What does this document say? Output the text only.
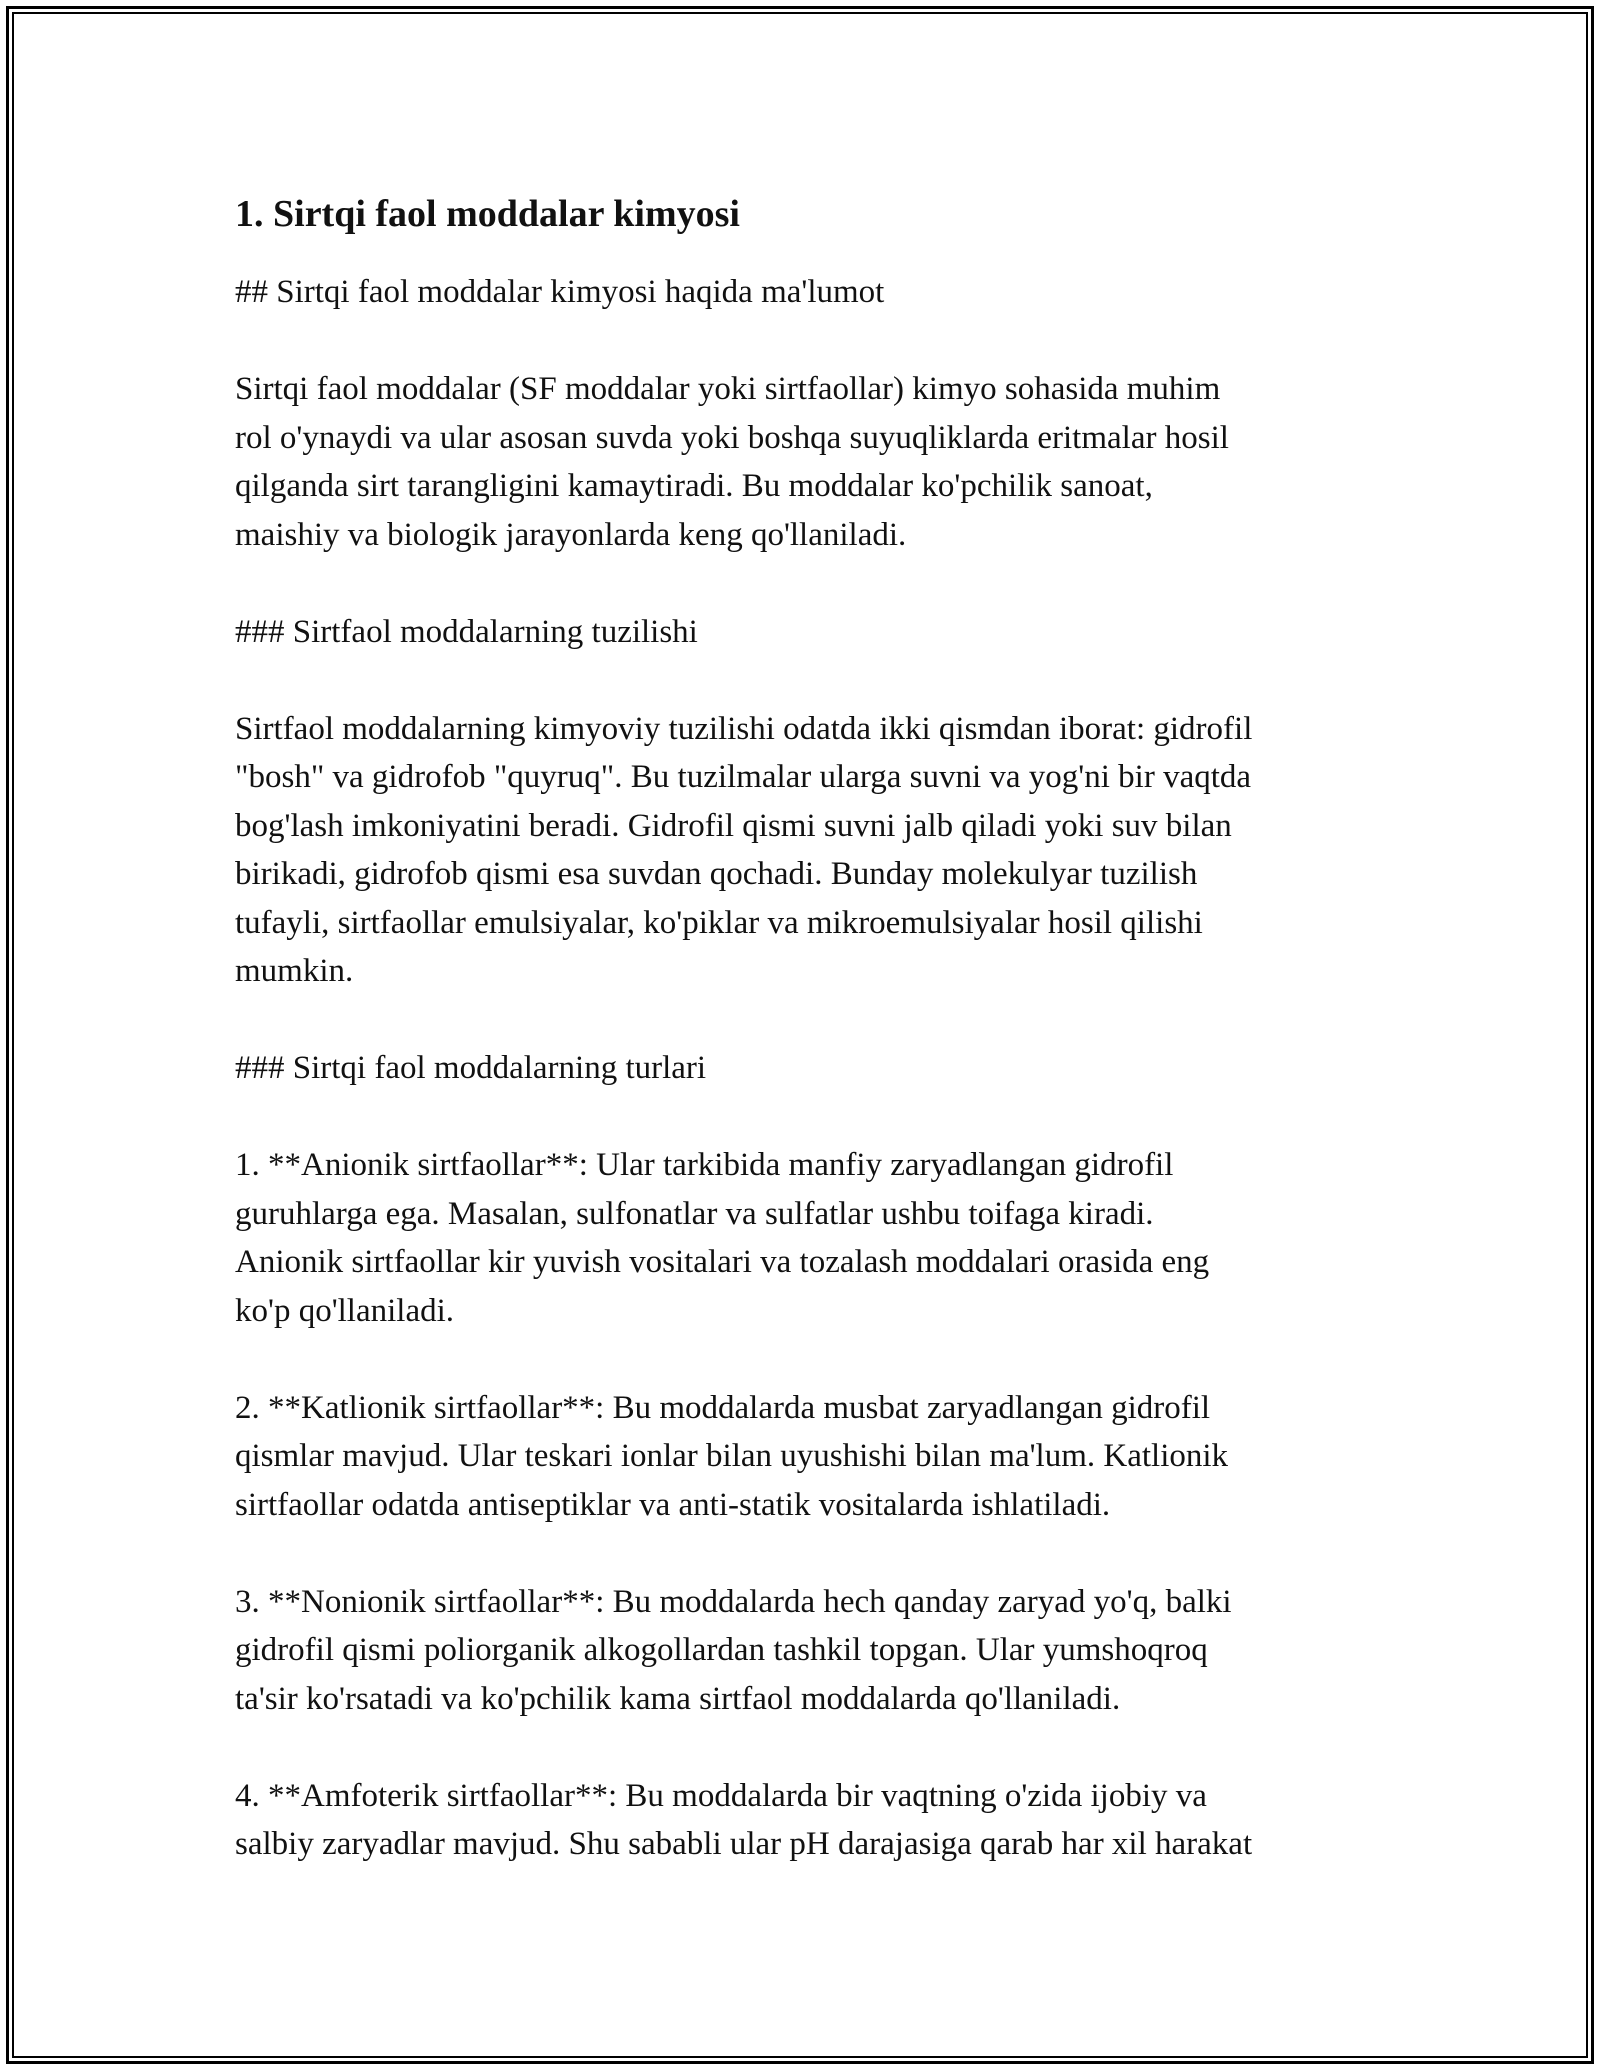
1. Sirtqi faol moddalar kimyosi
## Sirtqi faol moddalar kimyosi haqida ma'lumot
Sirtqi faol moddalar (SF moddalar yoki sirtfaollar) kimyo sohasida muhim
rol o'ynaydi va ular asosan suvda yoki boshqa suyuqliklarda eritmalar hosil
qilganda sirt tarangligini kamaytiradi. Bu moddalar ko'pchilik sanoat,
maishiy va biologik jarayonlarda keng qo'llaniladi.
### Sirtfaol moddalarning tuzilishi
Sirtfaol moddalarning kimyoviy tuzilishi odatda ikki qismdan iborat: gidrofil
"bosh" va gidrofob "quyruq". Bu tuzilmalar ularga suvni va yog'ni bir vaqtda
bog'lash imkoniyatini beradi. Gidrofil qismi suvni jalb qiladi yoki suv bilan
birikadi, gidrofob qismi esa suvdan qochadi. Bunday molekulyar tuzilish
tufayli, sirtfaollar emulsiyalar, ko'piklar va mikroemulsiyalar hosil qilishi
mumkin.
### Sirtqi faol moddalarning turlari
1. **Anionik sirtfaollar**: Ular tarkibida manfiy zaryadlangan gidrofil
guruhlarga ega. Masalan, sulfonatlar va sulfatlar ushbu toifaga kiradi.
Anionik sirtfaollar kir yuvish vositalari va tozalash moddalari orasida eng
ko'p qo'llaniladi.
2. **Katlionik sirtfaollar**: Bu moddalarda musbat zaryadlangan gidrofil
qismlar mavjud. Ular teskari ionlar bilan uyushishi bilan ma'lum. Katlionik
sirtfaollar odatda antiseptiklar va anti-statik vositalarda ishlatiladi.
3. **Nonionik sirtfaollar**: Bu moddalarda hech qanday zaryad yo'q, balki
gidrofil qismi poliorganik alkogollardan tashkil topgan. Ular yumshoqroq
ta'sir ko'rsatadi va ko'pchilik kama sirtfaol moddalarda qo'llaniladi.
4. **Amfoterik sirtfaollar**: Bu moddalarda bir vaqtning o'zida ijobiy va
salbiy zaryadlar mavjud. Shu sababli ular pH darajasiga qarab har xil harakat
